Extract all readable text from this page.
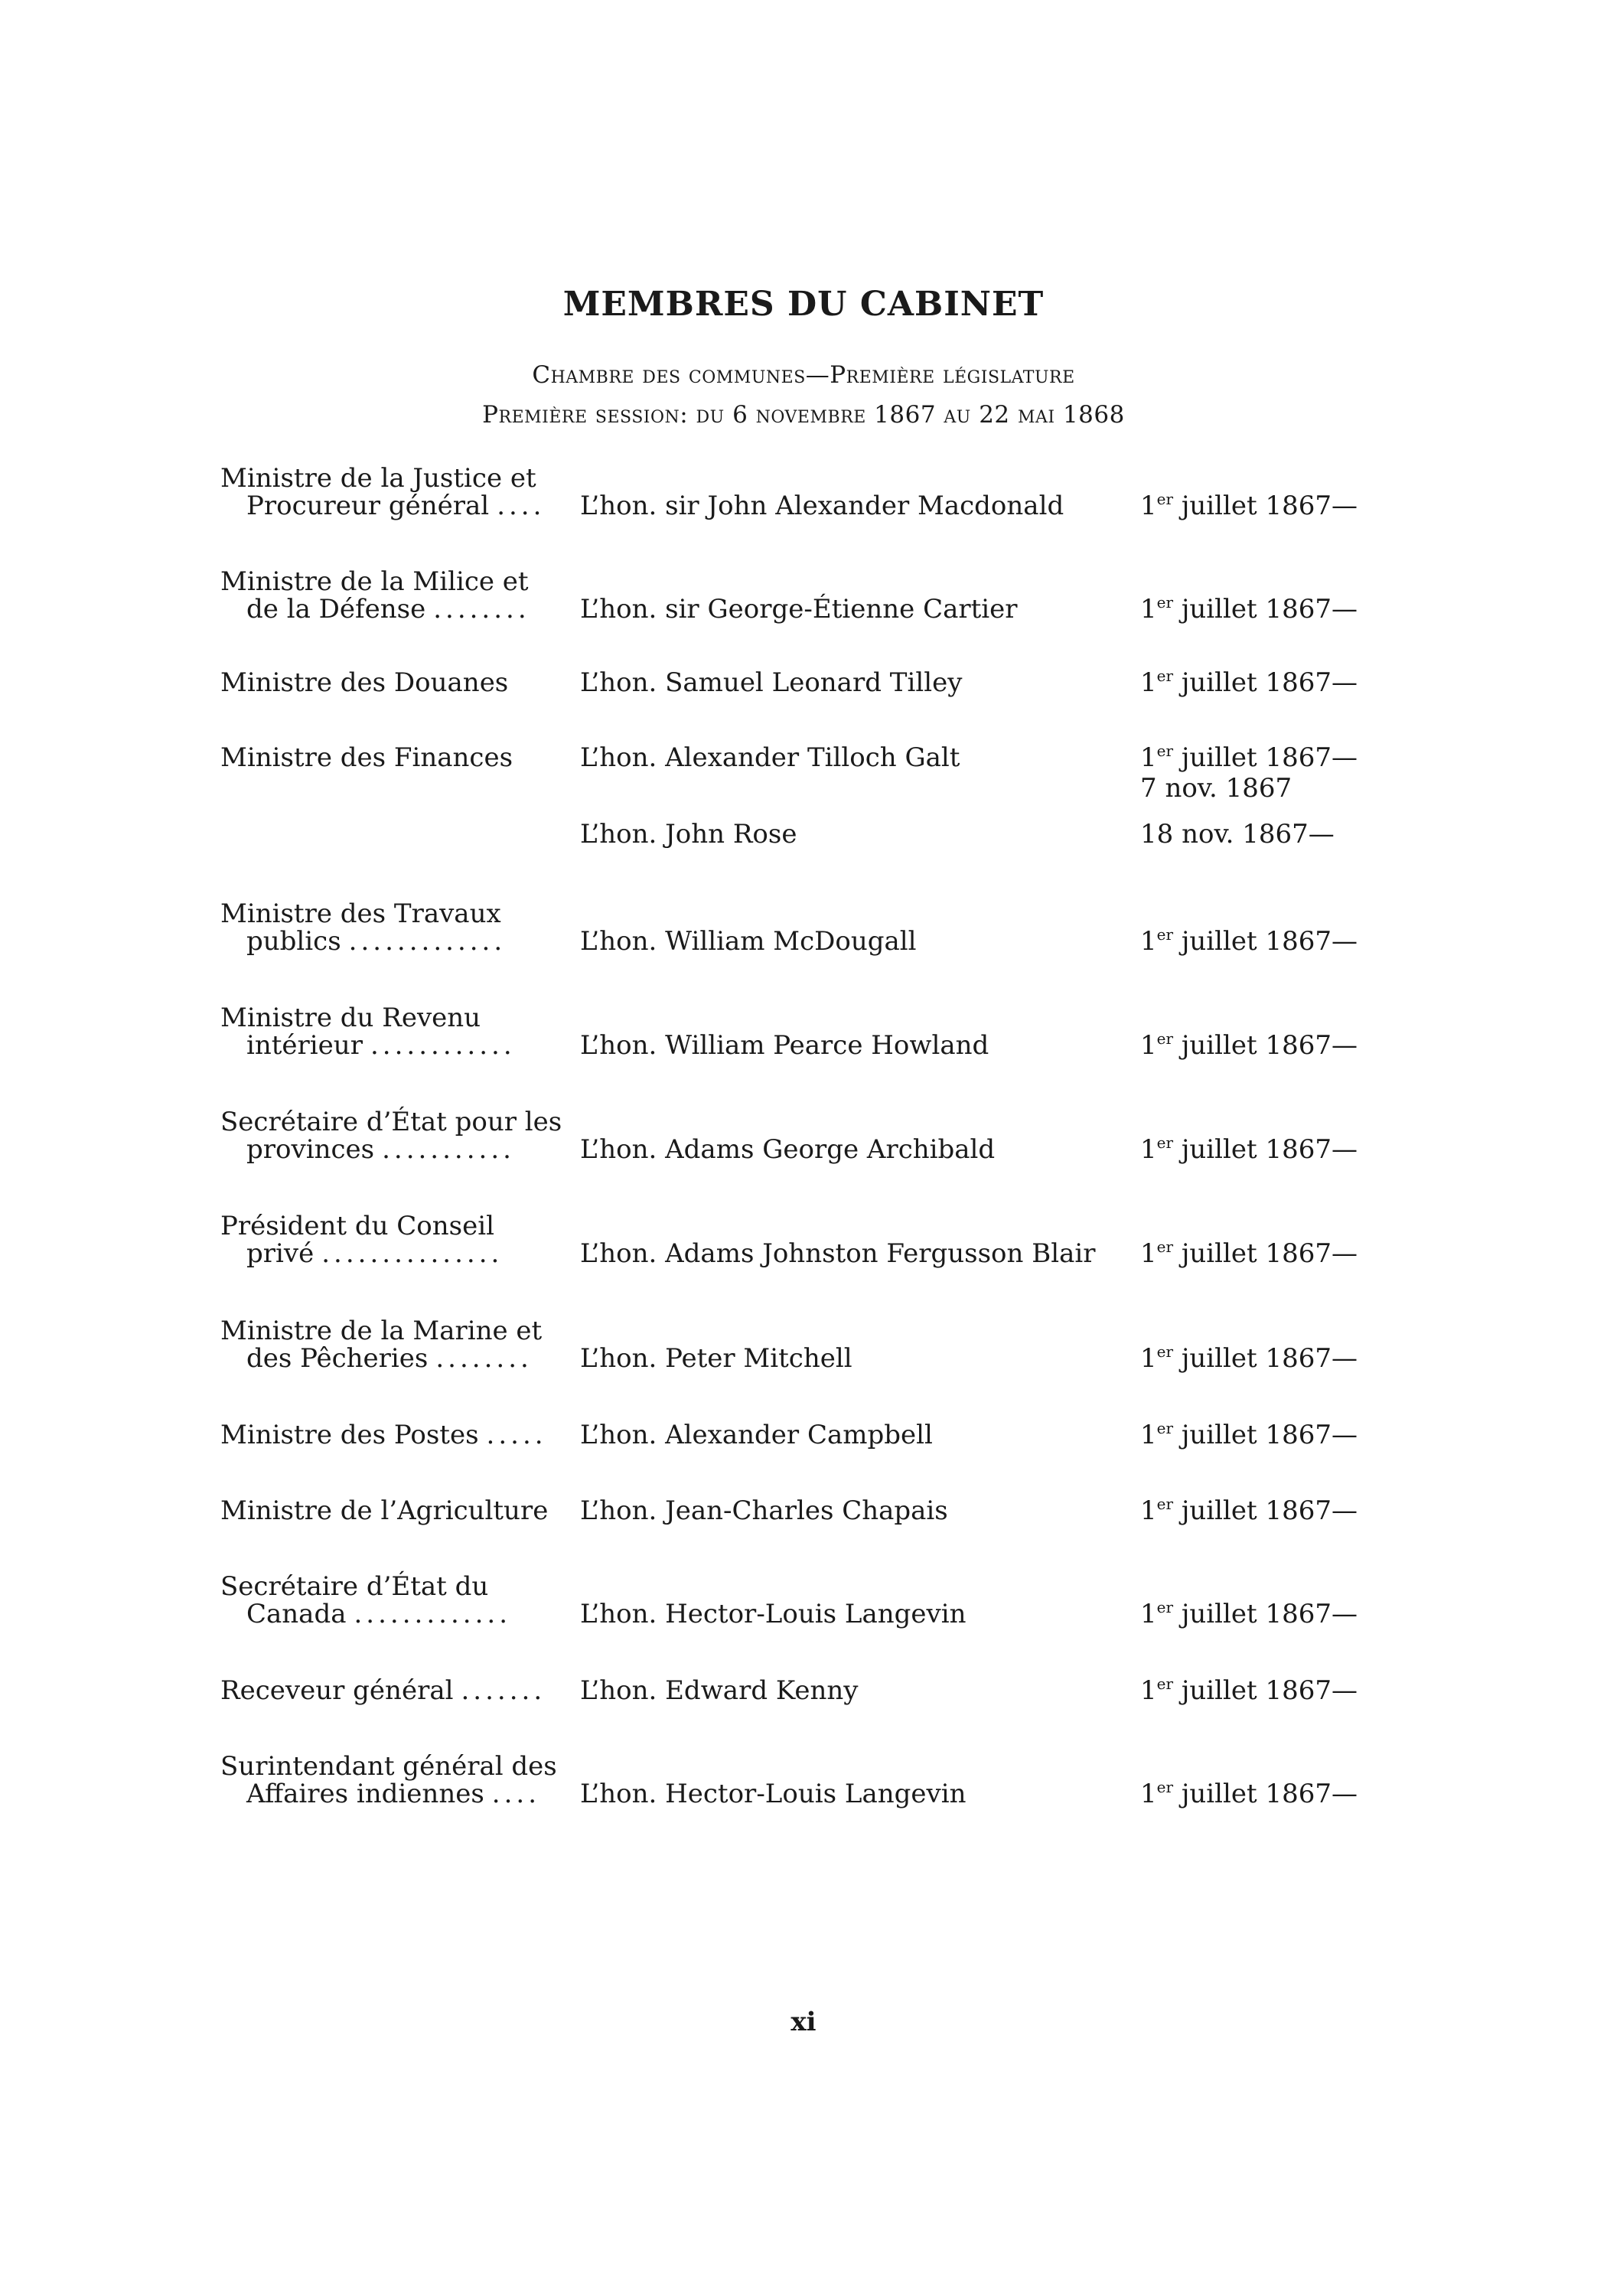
MEMBRES DU CABINET
Chambre des communes—Première législature
Première session: du 6 novembre 1867 au 22 mai 1868
Ministre de la Justice et
Procureur général .... L’hon. sir John Alexander Macdonald	1er juillet 1867—
Ministre de la Milice et
de la Défense ........ L’hon. sir George-Étienne Cartier	1er juillet 1867—
Ministre des Douanes	L’hon. Samuel Leonard Tilley	1er juillet 1867—
Ministre des Finances	L’hon. Alexander Tilloch Galt	1er juillet 1867—
7 nov. 1867
L’hon. John Rose	18 nov. 1867—
Ministre des Travaux
publics .............	L’hon. William McDougall	1er juillet 1867—
Ministre du Revenu
intérieur ............ L’hon. William Pearce Howland	1er juillet 1867—
Secrétaire d’État pour les
provinces ...........	L’hon. Adams George Archibald	1er juillet 1867—
Président du Conseil
privé ...............	L’hon. Adams Johnston Fergusson Blair 1er juillet 1867—
Ministre de la Marine et
des Pêcheries ........ L’hon. Peter Mitchell	1er juillet 1867—
Ministre des Postes ..... L’hon. Alexander Campbell	1er juillet 1867—
Ministre de l’Agriculture L’hon. Jean-Charles Chapais	1er juillet 1867—
Secrétaire d’État du
Canada .............	L’hon. Hector-Louis Langevin	1er juillet 1867—
Receveur général ....... L’hon. Edward Kenny	1er juillet 1867—
Surintendant général des
Affaires indiennes .... L’hon. Hector-Louis Langevin	1er juillet 1867—
xi
